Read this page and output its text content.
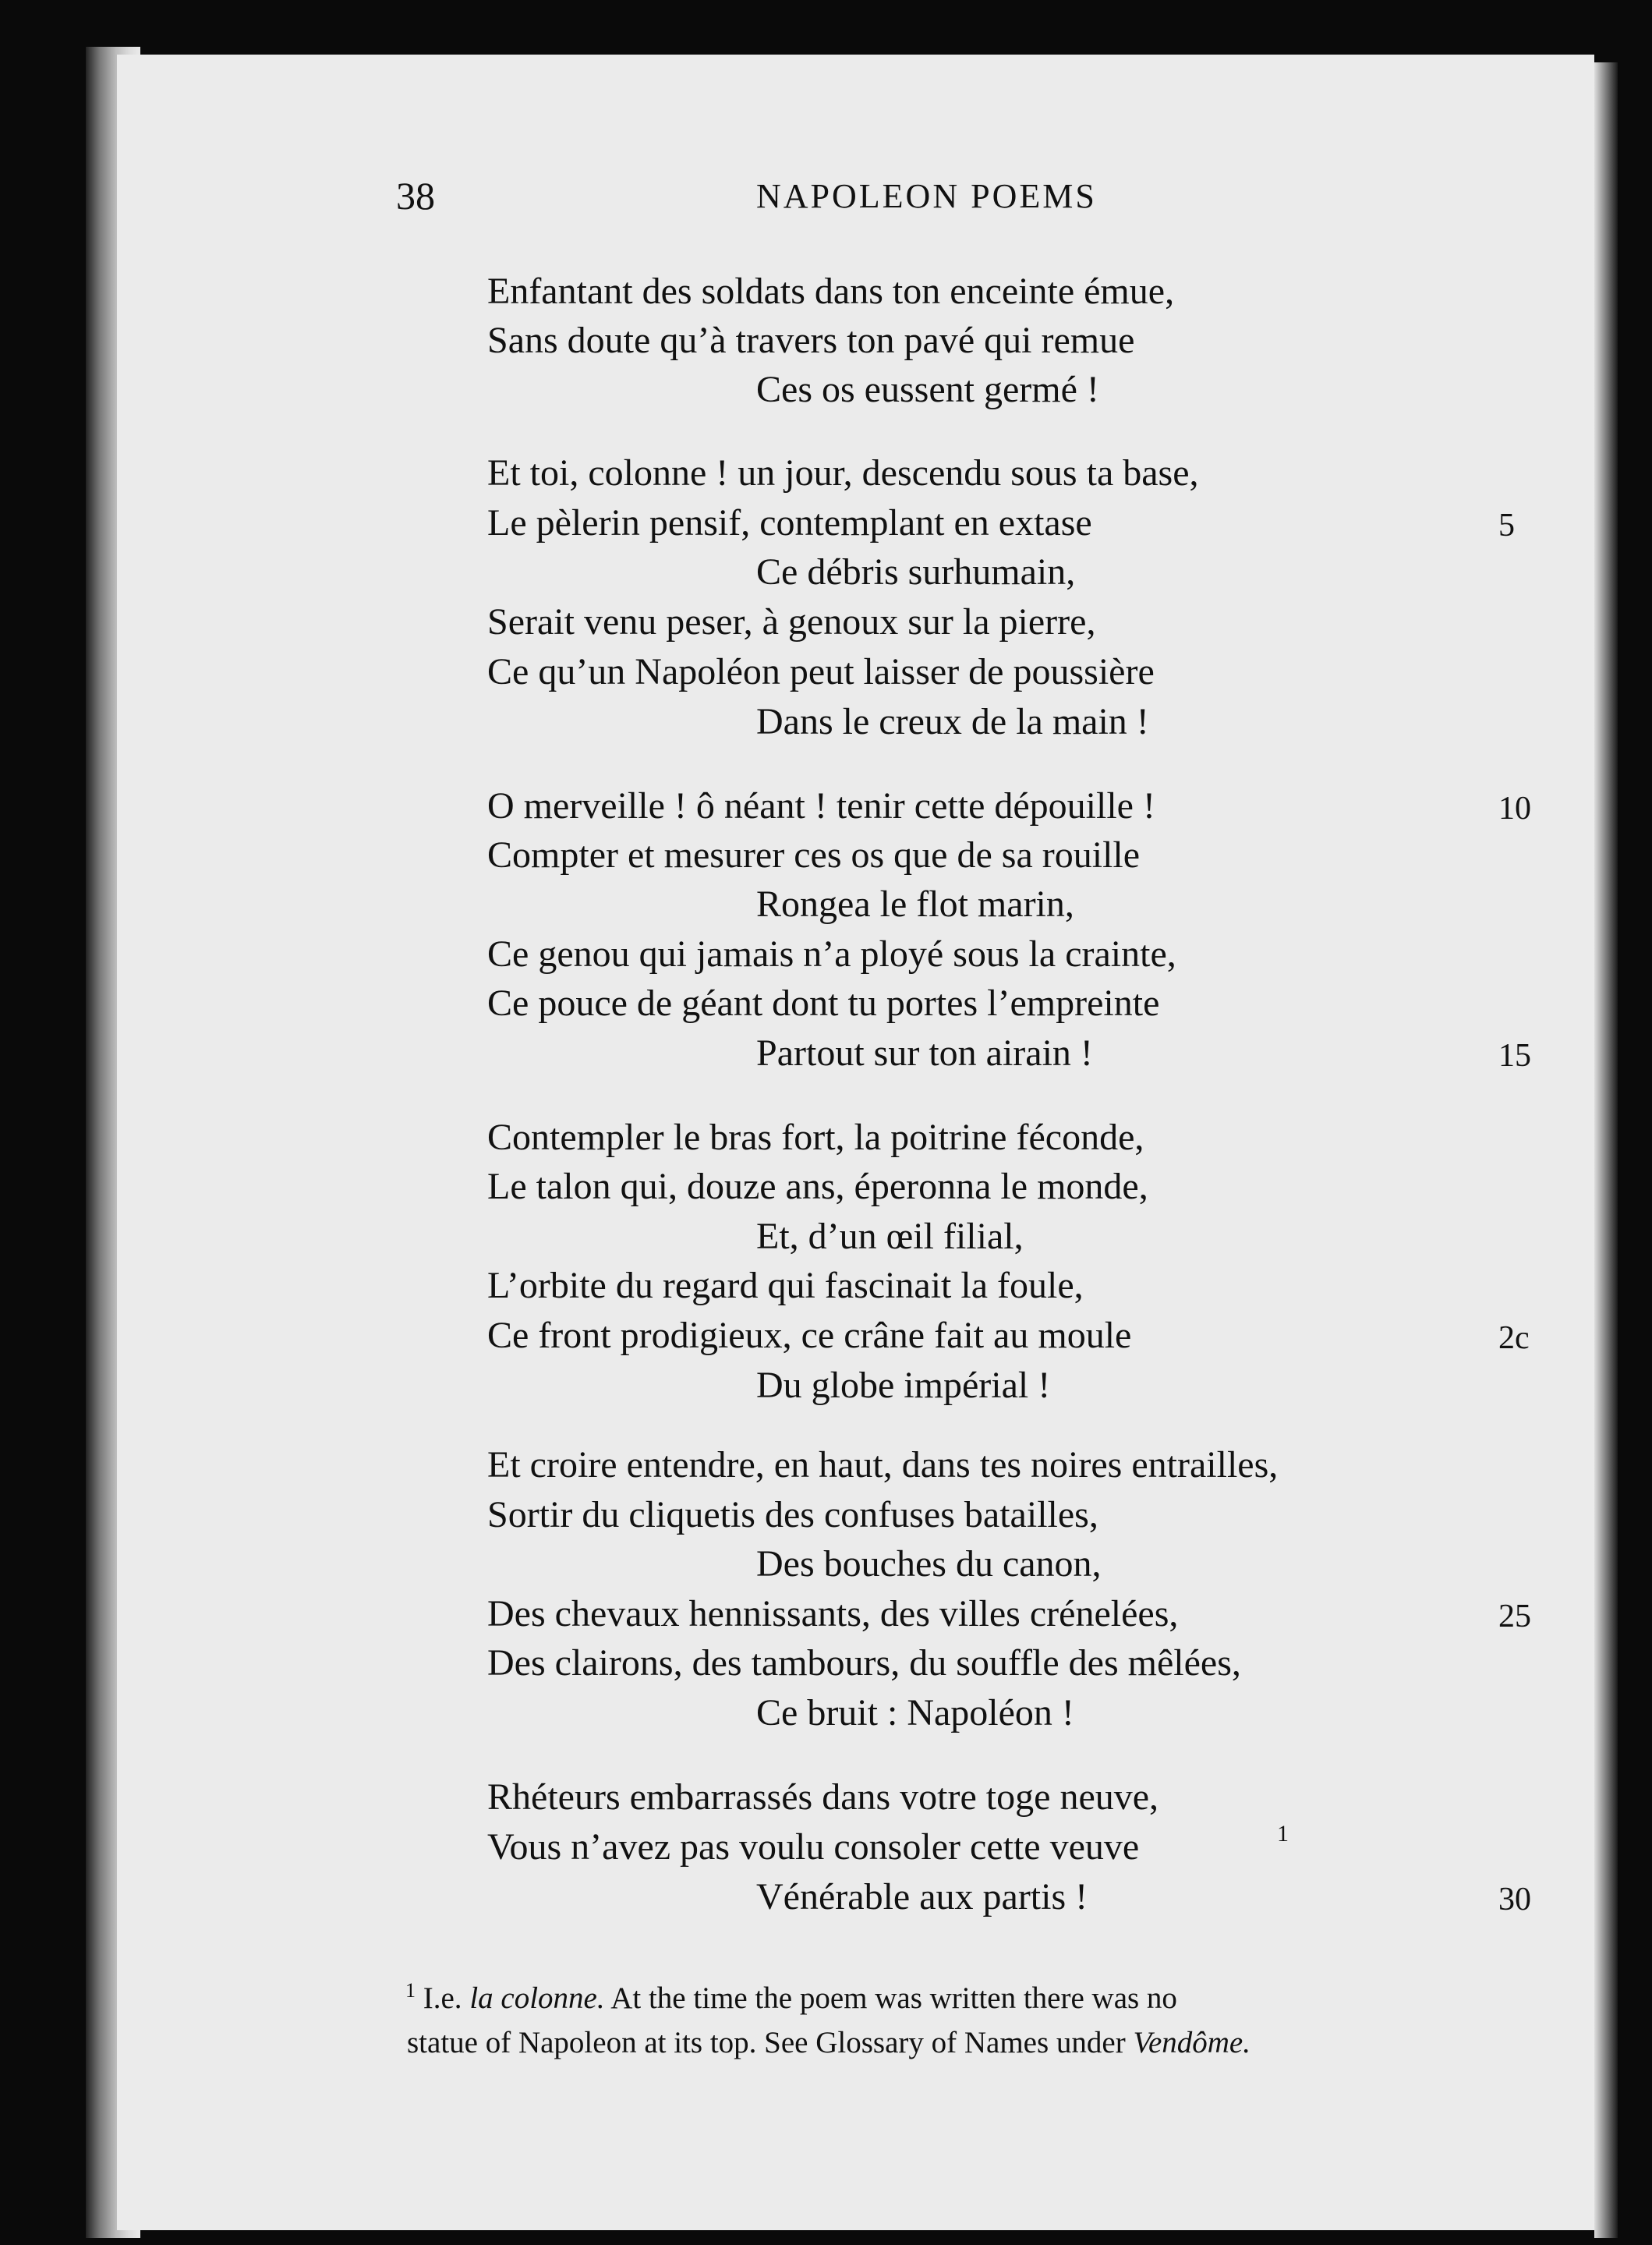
38	NAPOLEON POEMS
Enfantant des soldats dans ton enceinte émue,
Sans doute qu’à travers ton pavé qui remue
Ces os eussent germé !
Et toi, colonne ! un jour, descendu sous ta base,
Le pèlerin pensif, contemplant en extase	5
Ce débris surhumain,
Serait venu peser, à genoux sur la pierre,
Ce qu’un Napoléon peut laisser de poussière
Dans le creux de la main !
O merveille ! ô néant ! tenir cette dépouille !	10
Compter et mesurer ces os que de sa rouille
Rongea le flot marin,
Ce genou qui jamais n’a ployé sous la crainte,
Ce pouce de géant dont tu portes l’empreinte
Partout sur ton airain !	15
Contempler le bras fort, la poitrine féconde,
Le talon qui, douze ans, éperonna le monde,
Et, d’un œil filial,
L’orbite du regard qui fascinait la foule,
Ce front prodigieux, ce crâne fait au moule	2c
Du globe impérial !
Et croire entendre, en haut, dans tes noires entrailles,
Sortir du cliquetis des confuses batailles,
Des bouches du canon,
Des chevaux hennissants, des villes crénelées,	25
Des clairons, des tambours, du souffle des mêlées,
Ce bruit : Napoléon !
Rhéteurs embarrassés dans votre toge neuve,
Vous n’avez pas voulu consoler cette veuve	1
Vénérable aux partis !	30
$^1$ I.e. la colonne. At the time the poem was written there was no
statue of Napoleon at its top. See Glossary of Names under Vendôme.
